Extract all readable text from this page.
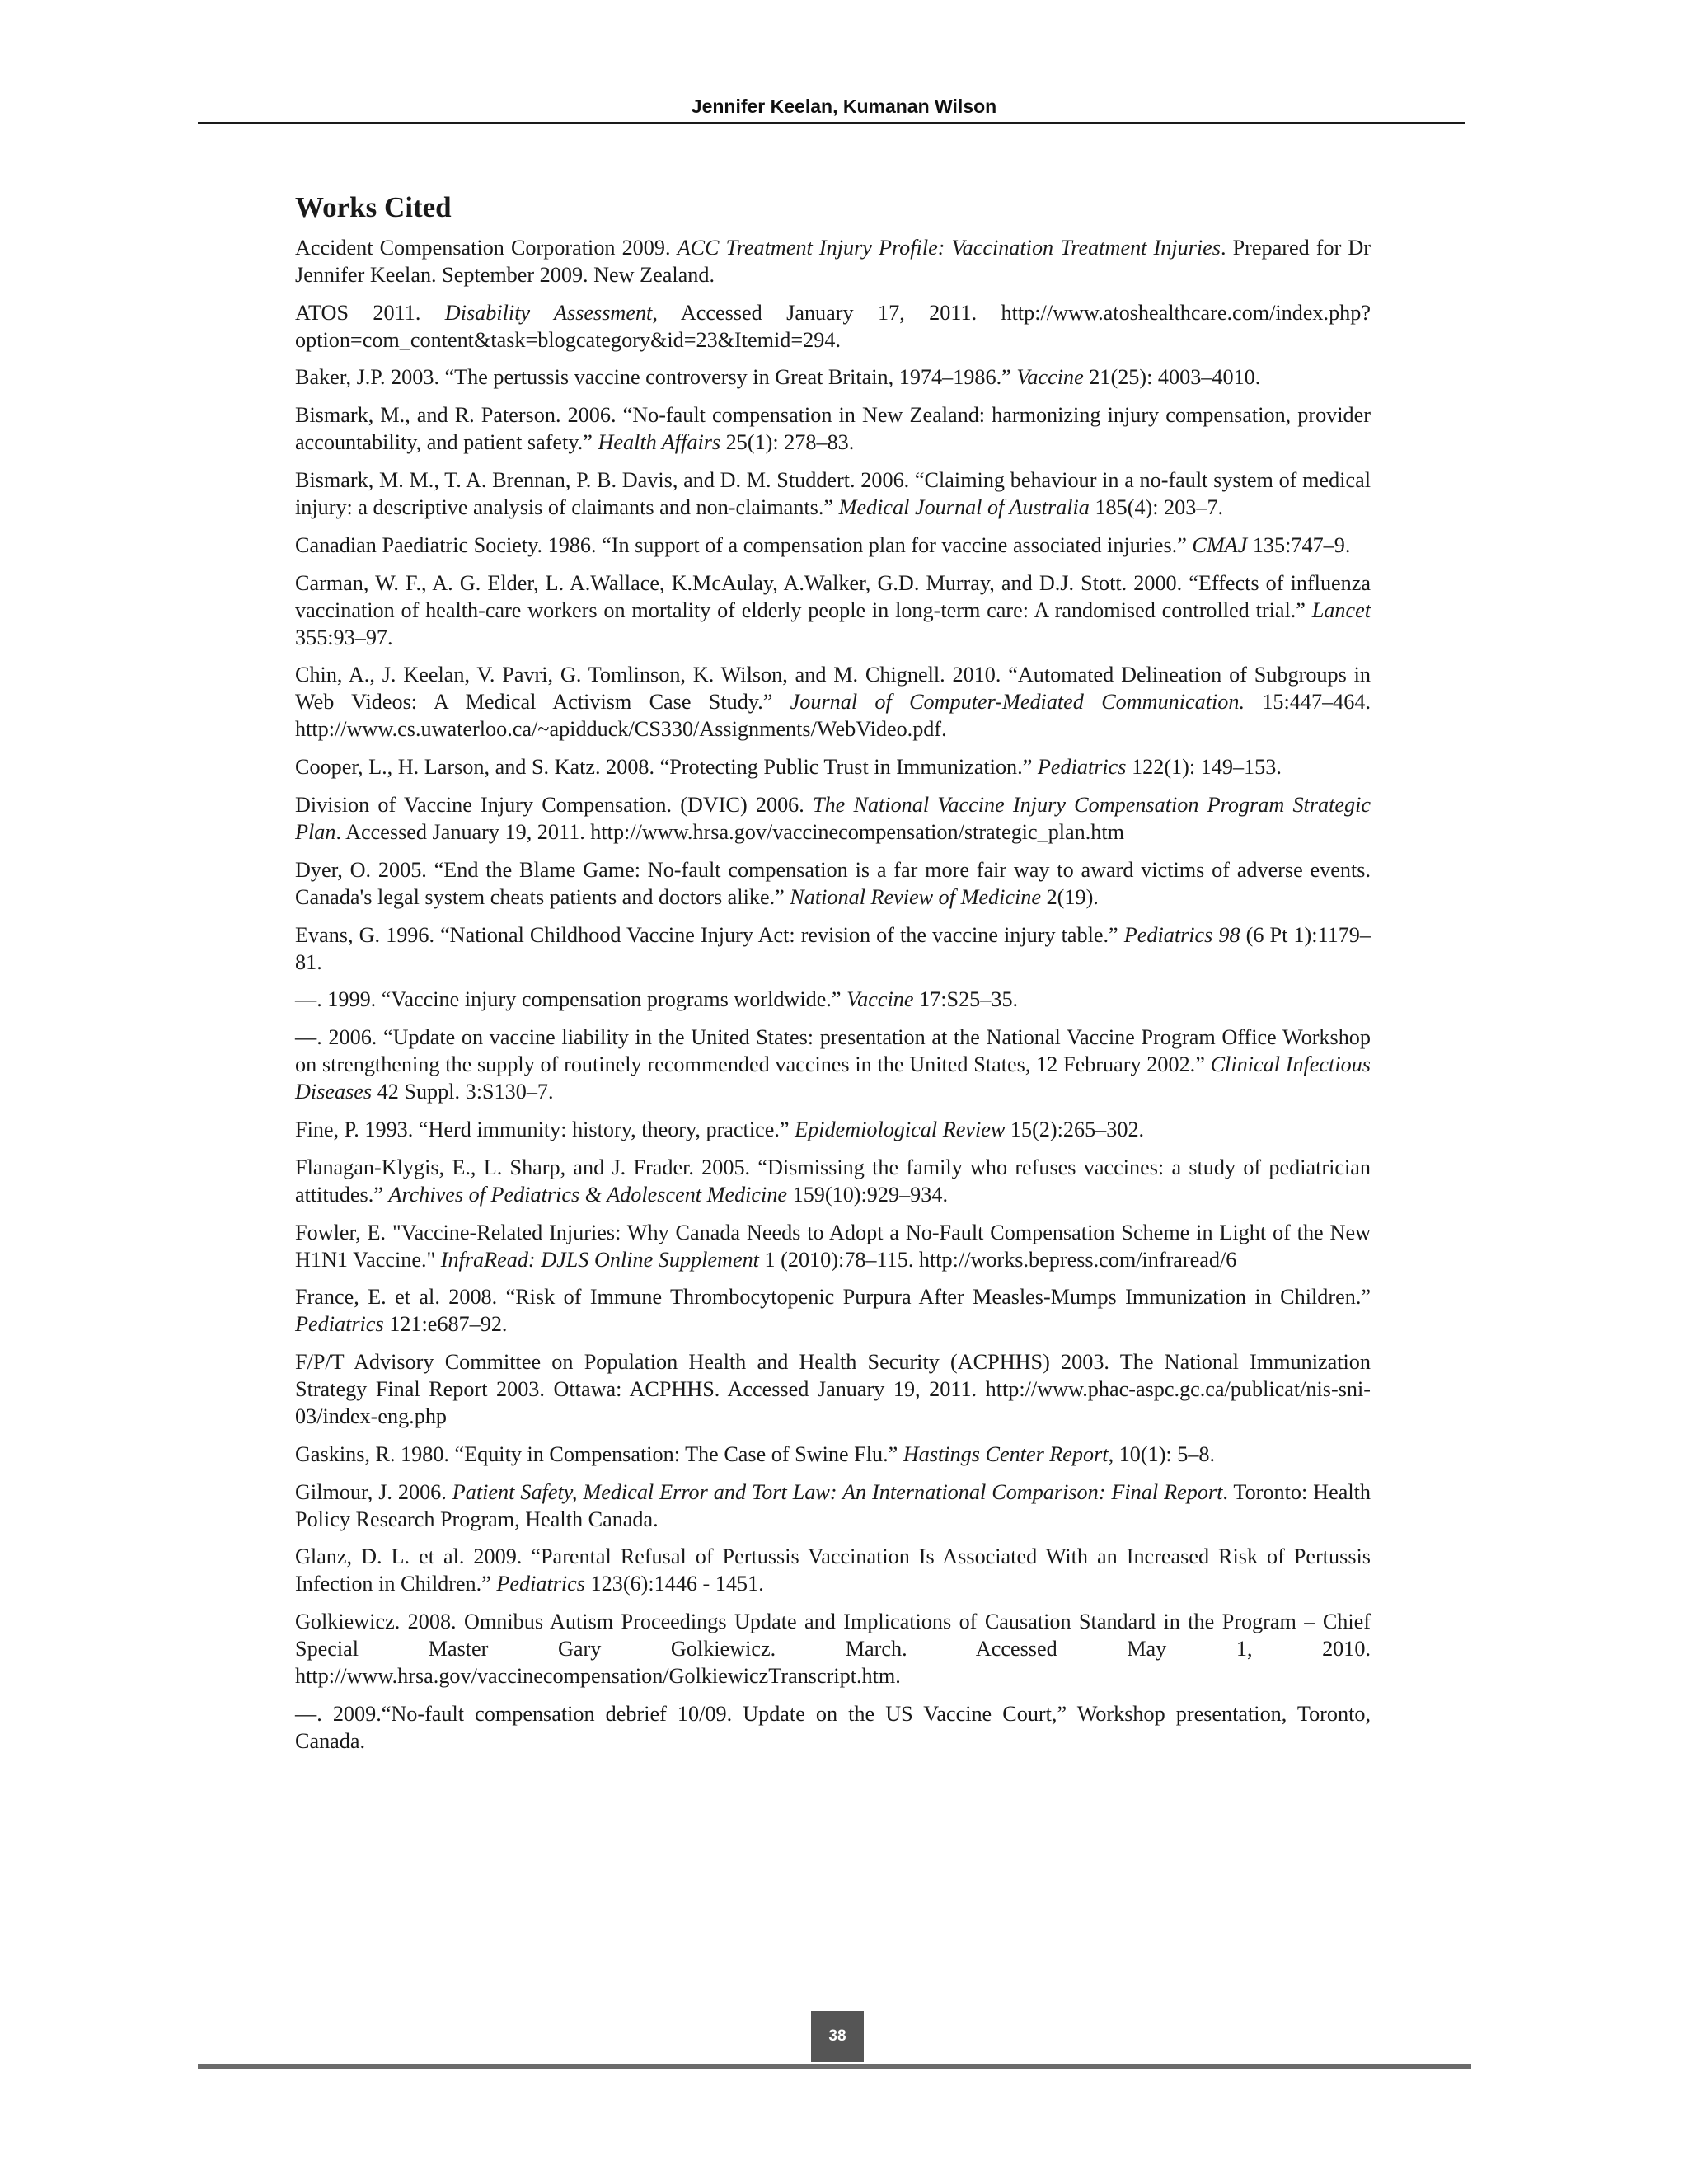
Jennifer Keelan, Kumanan Wilson
Works Cited
Accident Compensation Corporation 2009. ACC Treatment Injury Profile: Vaccination Treatment Injuries. Prepared for Dr Jennifer Keelan. September 2009. New Zealand.
ATOS 2011. Disability Assessment, Accessed January 17, 2011. http://www.atoshealthcare.com/index.php?option=com_content&task=blogcategory&id=23&Itemid=294.
Baker, J.P. 2003. “The pertussis vaccine controversy in Great Britain, 1974–1986.” Vaccine 21(25): 4003–4010.
Bismark, M., and R. Paterson. 2006. “No-fault compensation in New Zealand: harmonizing injury compensation, provider accountability, and patient safety.” Health Affairs 25(1): 278–83.
Bismark, M. M., T. A. Brennan, P. B. Davis, and D. M. Studdert. 2006. “Claiming behaviour in a no-fault system of medical injury: a descriptive analysis of claimants and non-claimants.” Medical Journal of Australia 185(4): 203–7.
Canadian Paediatric Society. 1986. “In support of a compensation plan for vaccine associated injuries.” CMAJ 135:747–9.
Carman, W. F., A. G. Elder, L. A.Wallace, K.McAulay, A.Walker, G.D. Murray, and D.J. Stott. 2000. “Effects of influenza vaccination of health-care workers on mortality of elderly people in long-term care: A randomised controlled trial.” Lancet 355:93–97.
Chin, A., J. Keelan, V. Pavri, G. Tomlinson, K. Wilson, and M. Chignell. 2010. “Automated Delineation of Subgroups in Web Videos: A Medical Activism Case Study.” Journal of Computer-Mediated Communication. 15:447–464. http://www.cs.uwaterloo.ca/~apidduck/CS330/Assignments/WebVideo.pdf.
Cooper, L., H. Larson, and S. Katz. 2008. “Protecting Public Trust in Immunization.” Pediatrics 122(1): 149–153.
Division of Vaccine Injury Compensation. (DVIC) 2006. The National Vaccine Injury Compensation Program Strategic Plan. Accessed January 19, 2011. http://www.hrsa.gov/vaccinecompensation/strategic_plan.htm
Dyer, O. 2005. “End the Blame Game: No-fault compensation is a far more fair way to award victims of adverse events. Canada's legal system cheats patients and doctors alike.” National Review of Medicine 2(19).
Evans, G. 1996. “National Childhood Vaccine Injury Act: revision of the vaccine injury table.” Pediatrics 98 (6 Pt 1):1179–81.
—. 1999. “Vaccine injury compensation programs worldwide.” Vaccine 17:S25–35.
—. 2006. “Update on vaccine liability in the United States: presentation at the National Vaccine Program Office Workshop on strengthening the supply of routinely recommended vaccines in the United States, 12 February 2002.” Clinical Infectious Diseases 42 Suppl. 3:S130–7.
Fine, P. 1993. “Herd immunity: history, theory, practice.” Epidemiological Review 15(2):265–302.
Flanagan-Klygis, E., L. Sharp, and J. Frader. 2005. “Dismissing the family who refuses vaccines: a study of pediatrician attitudes.” Archives of Pediatrics & Adolescent Medicine 159(10):929–934.
Fowler, E. "Vaccine-Related Injuries: Why Canada Needs to Adopt a No-Fault Compensation Scheme in Light of the New H1N1 Vaccine." InfraRead: DJLS Online Supplement 1 (2010):78–115. http://works.bepress.com/infraread/6
France, E. et al. 2008. “Risk of Immune Thrombocytopenic Purpura After Measles-Mumps Immunization in Children.” Pediatrics 121:e687–92.
F/P/T Advisory Committee on Population Health and Health Security (ACPHHS) 2003. The National Immunization Strategy Final Report 2003. Ottawa: ACPHHS. Accessed January 19, 2011. http://www.phac-aspc.gc.ca/publicat/nis-sni-03/index-eng.php
Gaskins, R. 1980. “Equity in Compensation: The Case of Swine Flu.” Hastings Center Report, 10(1): 5–8.
Gilmour, J. 2006. Patient Safety, Medical Error and Tort Law: An International Comparison: Final Report. Toronto: Health Policy Research Program, Health Canada.
Glanz, D. L. et al. 2009. “Parental Refusal of Pertussis Vaccination Is Associated With an Increased Risk of Pertussis Infection in Children.” Pediatrics 123(6):1446 - 1451.
Golkiewicz. 2008. Omnibus Autism Proceedings Update and Implications of Causation Standard in the Program – Chief Special Master Gary Golkiewicz. March. Accessed May 1, 2010. http://www.hrsa.gov/vaccinecompensation/GolkiewiczTranscript.htm.
—. 2009.“No-fault compensation debrief 10/09. Update on the US Vaccine Court,” Workshop presentation, Toronto, Canada.
38
